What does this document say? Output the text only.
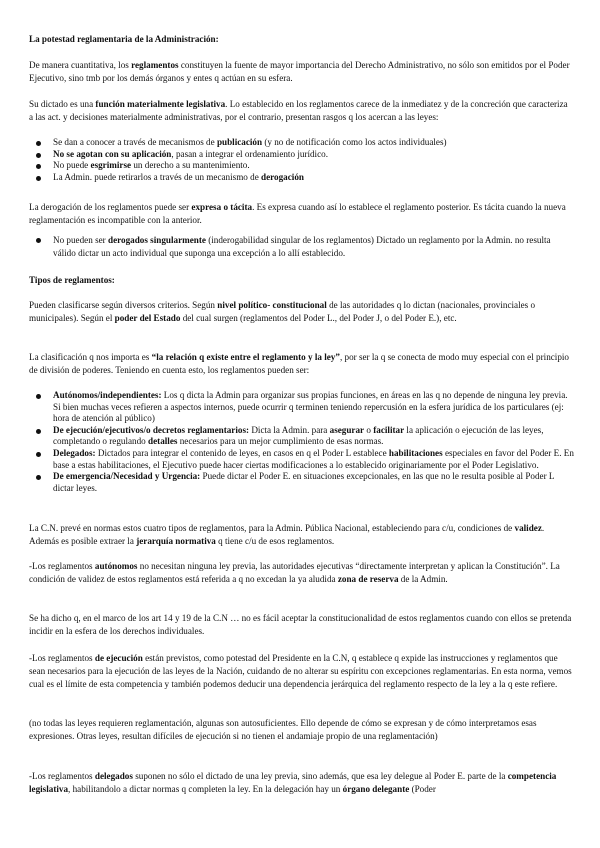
La potestad reglamentaria de la Administración:

De manera cuantitativa, los reglamentos constituyen la fuente de mayor importancia del Derecho Administrativo, no sólo son emitidos por el Poder Ejecutivo, sino tmb por los demás órganos y entes q actúan en su esfera.

Su dictado es una función materialmente legislativa. Lo establecido en los reglamentos carece de la inmediatez y de la concreción que caracteriza a las act. y decisiones materialmente administrativas, por el contrario, presentan rasgos q los acercan a las leyes:

Se dan a conocer a través de mecanismos de publicación (y no de notificación como los actos individuales)
No se agotan con su aplicación, pasan a integrar el ordenamiento jurídico.
No puede esgrimirse un derecho a su mantenimiento.
La Admin. puede retirarlos a través de un mecanismo de derogación

La derogación de los reglamentos puede ser expresa o tácita. Es expresa cuando así lo establece el reglamento posterior. Es tácita cuando la nueva reglamentación es incompatible con la anterior.

No pueden ser derogados singularmente (inderogabilidad singular de los reglamentos) Dictado un reglamento por la Admin. no resulta válido dictar un acto individual que suponga una excepción a lo allí establecido.

Tipos de reglamentos:

Pueden clasificarse según diversos criterios. Según nivel político- constitucional de las autoridades q lo dictan (nacionales, provinciales o municipales). Según el poder del Estado del cual surgen (reglamentos del Poder L., del Poder J, o del Poder E.), etc.

La clasificación q nos importa es “la relación q existe entre el reglamento y la ley”, por ser la q se conecta de modo muy especial con el principio de división de poderes. Teniendo en cuenta esto, los reglamentos pueden ser:

Autónomos/independientes: Los q dicta la Admin para organizar sus propias funciones, en áreas en las q no depende de ninguna ley previa. Si bien muchas veces refieren a aspectos internos, puede ocurrir q terminen teniendo repercusión en la esfera jurídica de los particulares (ej: hora de atención al público)
De ejecución/ejecutivos/o decretos reglamentarios: Dicta la Admin. para asegurar o facilitar la aplicación o ejecución de las leyes, completando o regulando detalles necesarios para un mejor cumplimiento de esas normas.
Delegados: Dictados para integrar el contenido de leyes, en casos en q el Poder L establece habilitaciones especiales en favor del Poder E. En base a estas habilitaciones, el Ejecutivo puede hacer ciertas modificaciones a lo establecido originariamente por el Poder Legislativo.
De emergencia/Necesidad y Urgencia: Puede dictar el Poder E. en situaciones excepcionales, en las que no le resulta posible al Poder L dictar leyes.

La C.N. prevé en normas estos cuatro tipos de reglamentos, para la Admin. Pública Nacional, estableciendo para c/u, condiciones de validez. Además es posible extraer la jerarquía normativa q tiene c/u de esos reglamentos.

-Los reglamentos autónomos no necesitan ninguna ley previa, las autoridades ejecutivas “directamente interpretan y aplican la Constitución”. La condición de validez de estos reglamentos está referida a q no excedan la ya aludida zona de reserva de la Admin.

Se ha dicho q, en el marco de los art 14 y 19 de la C.N … no es fácil aceptar la constitucionalidad de estos reglamentos cuando con ellos se pretenda incidir en la esfera de los derechos individuales.

-Los reglamentos de ejecución están previstos, como potestad del Presidente en la C.N, q establece q expide las instrucciones y reglamentos que sean necesarios para la ejecución de las leyes de la Nación, cuidando de no alterar su espíritu con excepciones reglamentarias. En esta norma, vemos cual es el límite de esta competencia y también podemos deducir una dependencia jerárquica del reglamento respecto de la ley a la q este refiere.

(no todas las leyes requieren reglamentación, algunas son autosuficientes. Ello depende de cómo se expresan y de cómo interpretamos esas expresiones. Otras leyes, resultan difíciles de ejecución si no tienen el andamiaje propio de una reglamentación)

-Los reglamentos delegados suponen no sólo el dictado de una ley previa, sino además, que esa ley delegue al Poder E. parte de la competencia legislativa, habilitandolo a dictar normas q completen la ley. En la delegación hay un órgano delegante (Poder
